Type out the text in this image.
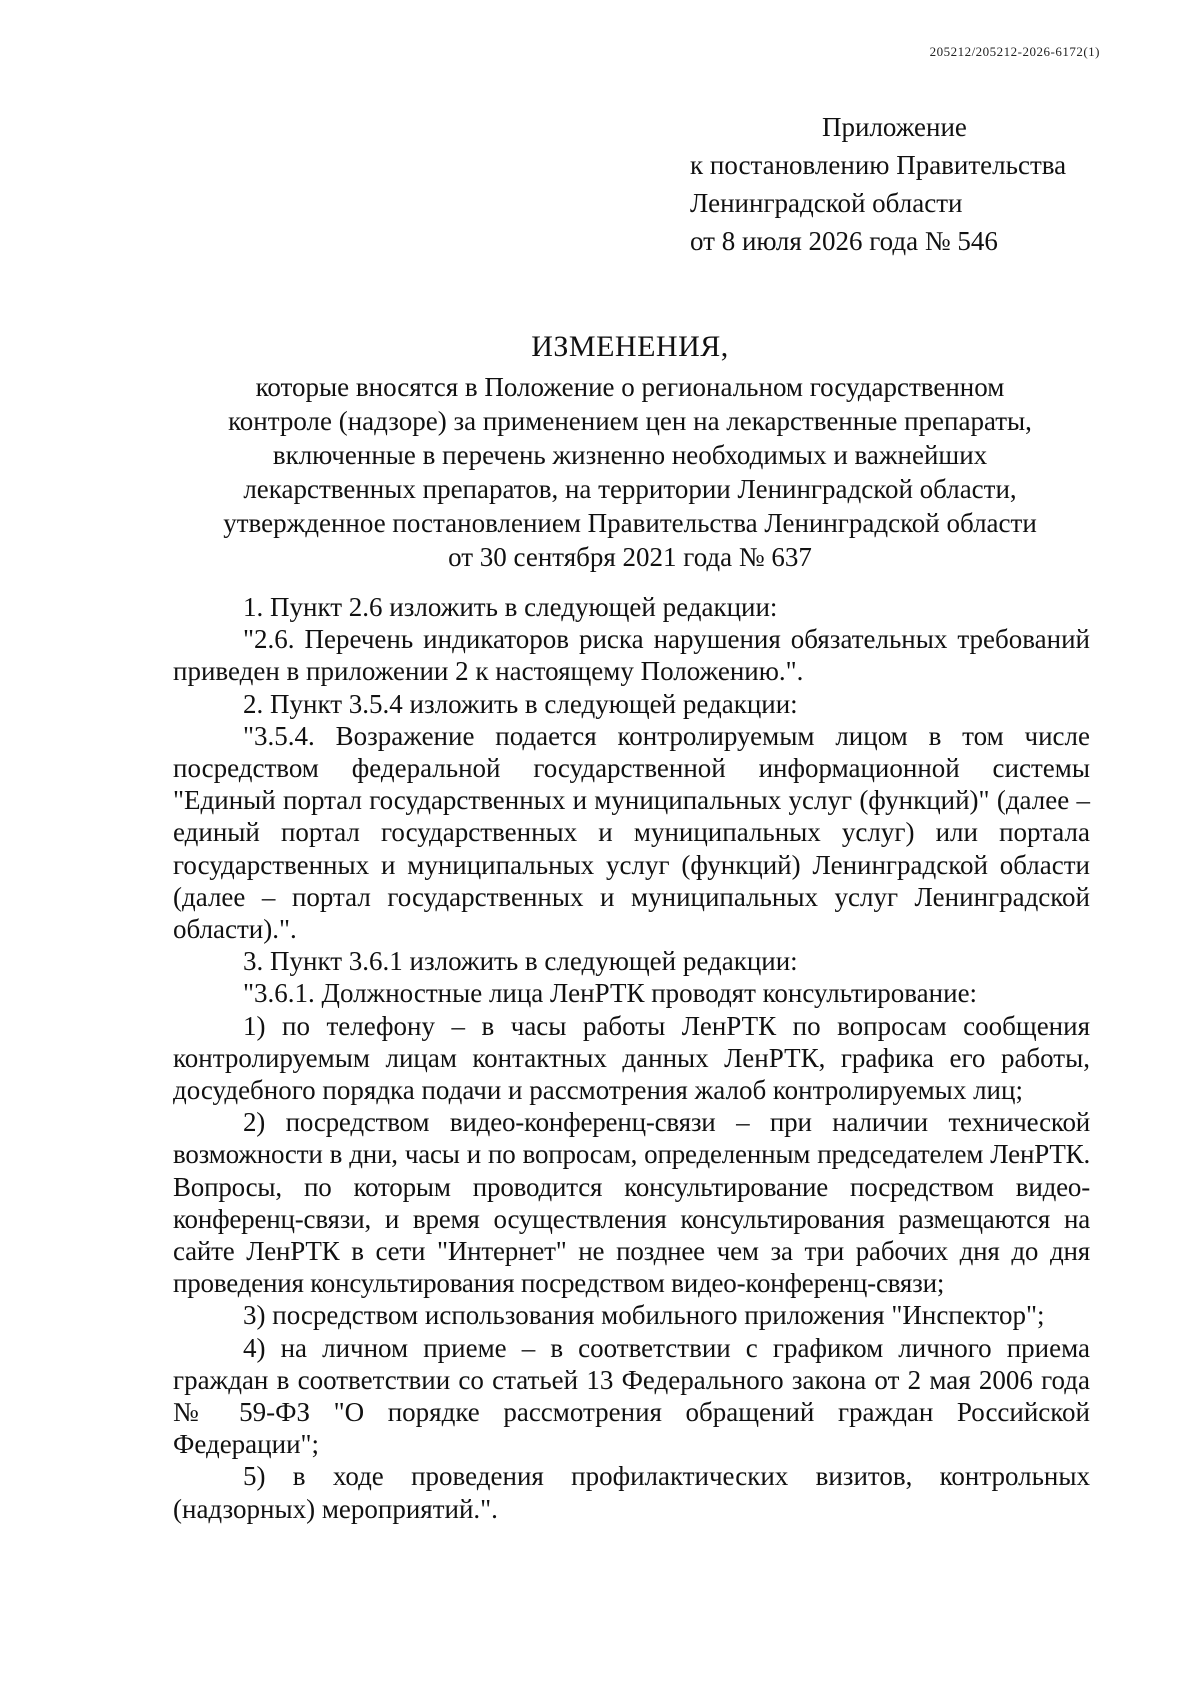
205212/205212-2026-6172(1)
Приложение
к постановлению Правительства
Ленинградской области
от 8 июля 2026 года № 546
ИЗМЕНЕНИЯ,
которые вносятся в Положение о региональном государственном
контроле (надзоре) за применением цен на лекарственные препараты,
включенные в перечень жизненно необходимых и важнейших
лекарственных препаратов, на территории Ленинградской области,
утвержденное постановлением Правительства Ленинградской области
от 30 сентября 2021 года № 637

1. Пункт 2.6 изложить в следующей редакции:

"2.6. Перечень индикаторов риска нарушения обязательных требований приведен в приложении 2 к настоящему Положению.".

2. Пункт 3.5.4 изложить в следующей редакции:

"3.5.4. Возражение подается контролируемым лицом в том числе посредством федеральной государственной информационной системы "Единый портал государственных и муниципальных услуг (функций)" (далее – единый портал государственных и муниципальных услуг) или портала государственных и муниципальных услуг (функций) Ленинградской области (далее – портал государственных и муниципальных услуг Ленинградской области).".

3. Пункт 3.6.1 изложить в следующей редакции:

"3.6.1. Должностные лица ЛенРТК проводят консультирование:

1) по телефону – в часы работы ЛенРТК по вопросам сообщения контролируемым лицам контактных данных ЛенРТК, графика его работы, досудебного порядка подачи и рассмотрения жалоб контролируемых лиц;

2) посредством видео-конференц-связи – при наличии технической возможности в дни, часы и по вопросам, определенным председателем ЛенРТК. Вопросы, по которым проводится консультирование посредством видео-конференц-связи, и время осуществления консультирования размещаются на сайте ЛенРТК в сети "Интернет" не позднее чем за три рабочих дня до дня проведения консультирования посредством видео-конференц-связи;

3) посредством использования мобильного приложения "Инспектор";

4) на личном приеме – в соответствии с графиком личного приема граждан в соответствии со статьей 13 Федерального закона от 2 мая 2006 года № 59-ФЗ "О порядке рассмотрения обращений граждан Российской Федерации";

5) в ходе проведения профилактических визитов, контрольных (надзорных) мероприятий.".
